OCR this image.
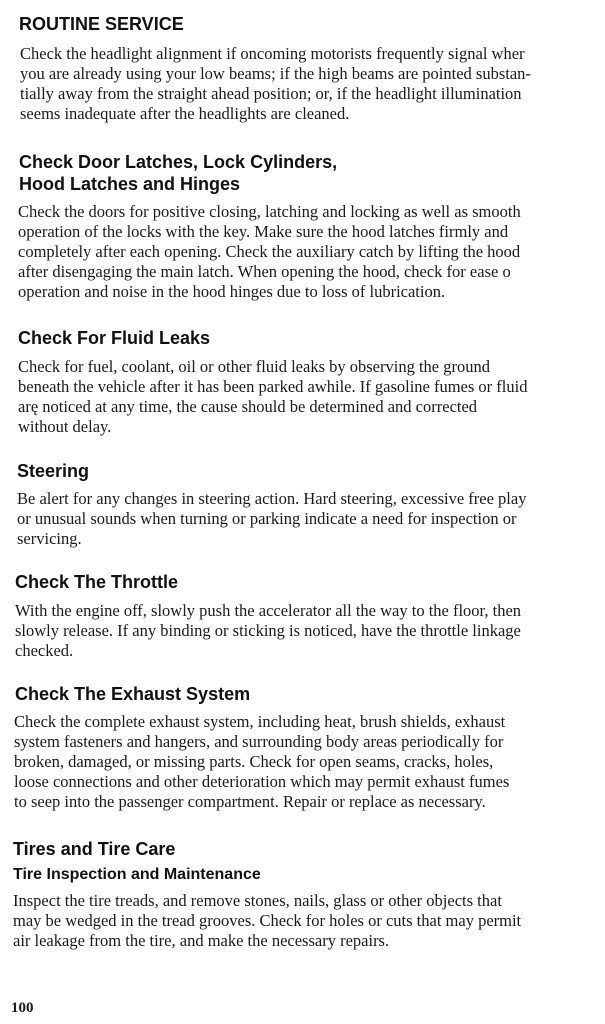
ROUTINE SERVICE

Check the headlight alignment if oncoming motorists frequently signal wher
you are already using your low beams; if the high beams are pointed substan-
tially away from the straight ahead position; or, if the headlight illumination
seems inadequate after the headlights are cleaned.

Check Door Latches, Lock Cylinders,
Hood Latches and Hinges

Check the doors for positive closing, latching and locking as well as smooth
operation of the locks with the key. Make sure the hood latches firmly and
completely after each opening. Check the auxiliary catch by lifting the hood
after disengaging the main latch. When opening the hood, check for ease o
operation and noise in the hood hinges due to loss of lubrication.

Check For Fluid Leaks

Check for fuel, coolant, oil or other fluid leaks by observing the ground
beneath the vehicle after it has been parked awhile. If gasoline fumes or fluid
arę noticed at any time, the cause should be determined and corrected
without delay.

Steering

Be alert for any changes in steering action. Hard steering, excessive free play
or unusual sounds when turning or parking indicate a need for inspection or
servicing.

Check The Throttle

With the engine off, slowly push the accelerator all the way to the floor, then
slowly release. If any binding or sticking is noticed, have the throttle linkage
checked.

Check The Exhaust System

Check the complete exhaust system, including heat, brush shields, exhaust
system fasteners and hangers, and surrounding body areas periodically for
broken, damaged, or missing parts. Check for open seams, cracks, holes,
loose connections and other deterioration which may permit exhaust fumes
to seep into the passenger compartment. Repair or replace as necessary.

Tires and Tire Care
Tire Inspection and Maintenance

Inspect the tire treads, and remove stones, nails, glass or other objects that
may be wedged in the tread grooves. Check for holes or cuts that may permit
air leakage from the tire, and make the necessary repairs.

100
